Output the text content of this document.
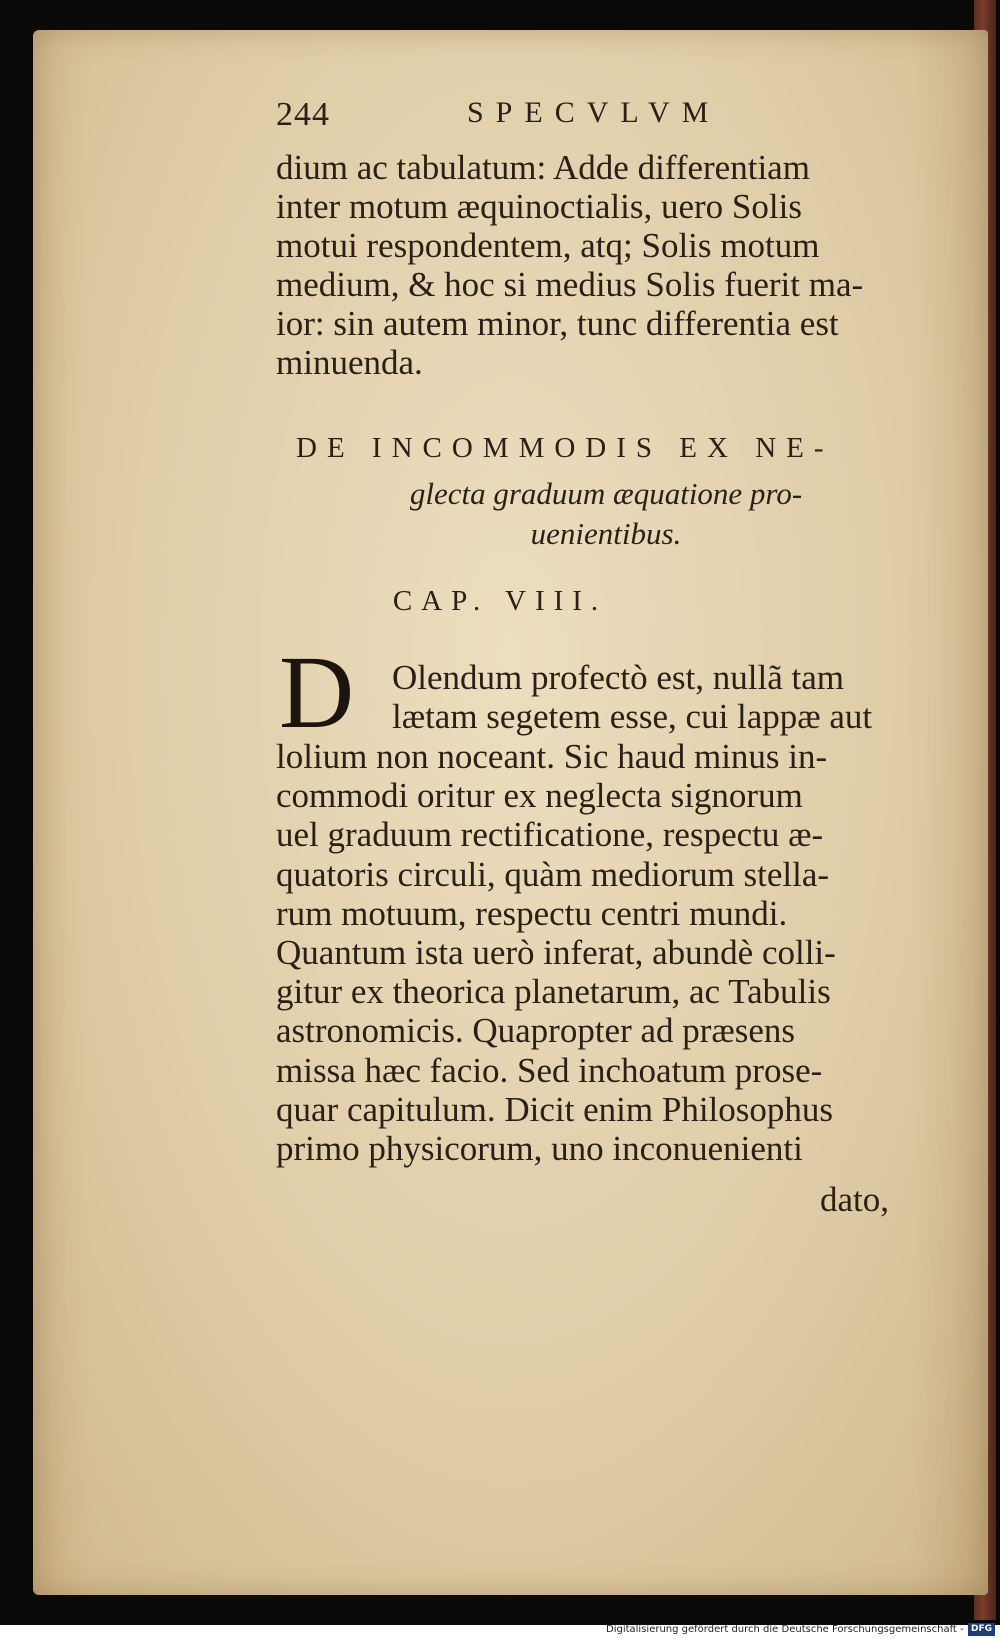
244	SPECVLVM
dium ac tabulatum: Adde differentiam
inter motum æquinoctialis, uero Solis
motui respondentem, atq; Solis motum
medium, & hoc si medius Solis fuerit ma-
ior: sin autem minor, tunc differentia est
minuenda.
DE INCOMMODIS EX NE-
glecta graduum æquatione pro-
uenientibus.
CAP. VIII.
D	Olendum profectò est, nullã tam
lætam segetem esse, cui lappæ aut
lolium non noceant. Sic haud minus in-
commodi oritur ex neglecta signorum
uel graduum rectificatione, respectu æ-
quatoris circuli, quàm mediorum stella-
rum motuum, respectu centri mundi.
Quantum ista uerò inferat, abundè colli-
gitur ex theorica planetarum, ac Tabulis
astronomicis. Quapropter ad præsens
missa hæc facio. Sed inchoatum prose-
quar capitulum. Dicit enim Philosophus
primo physicorum, uno inconuenienti
dato,
Digitalisierung gefördert durch die Deutsche Forschungsgemeinschaft - DFG
